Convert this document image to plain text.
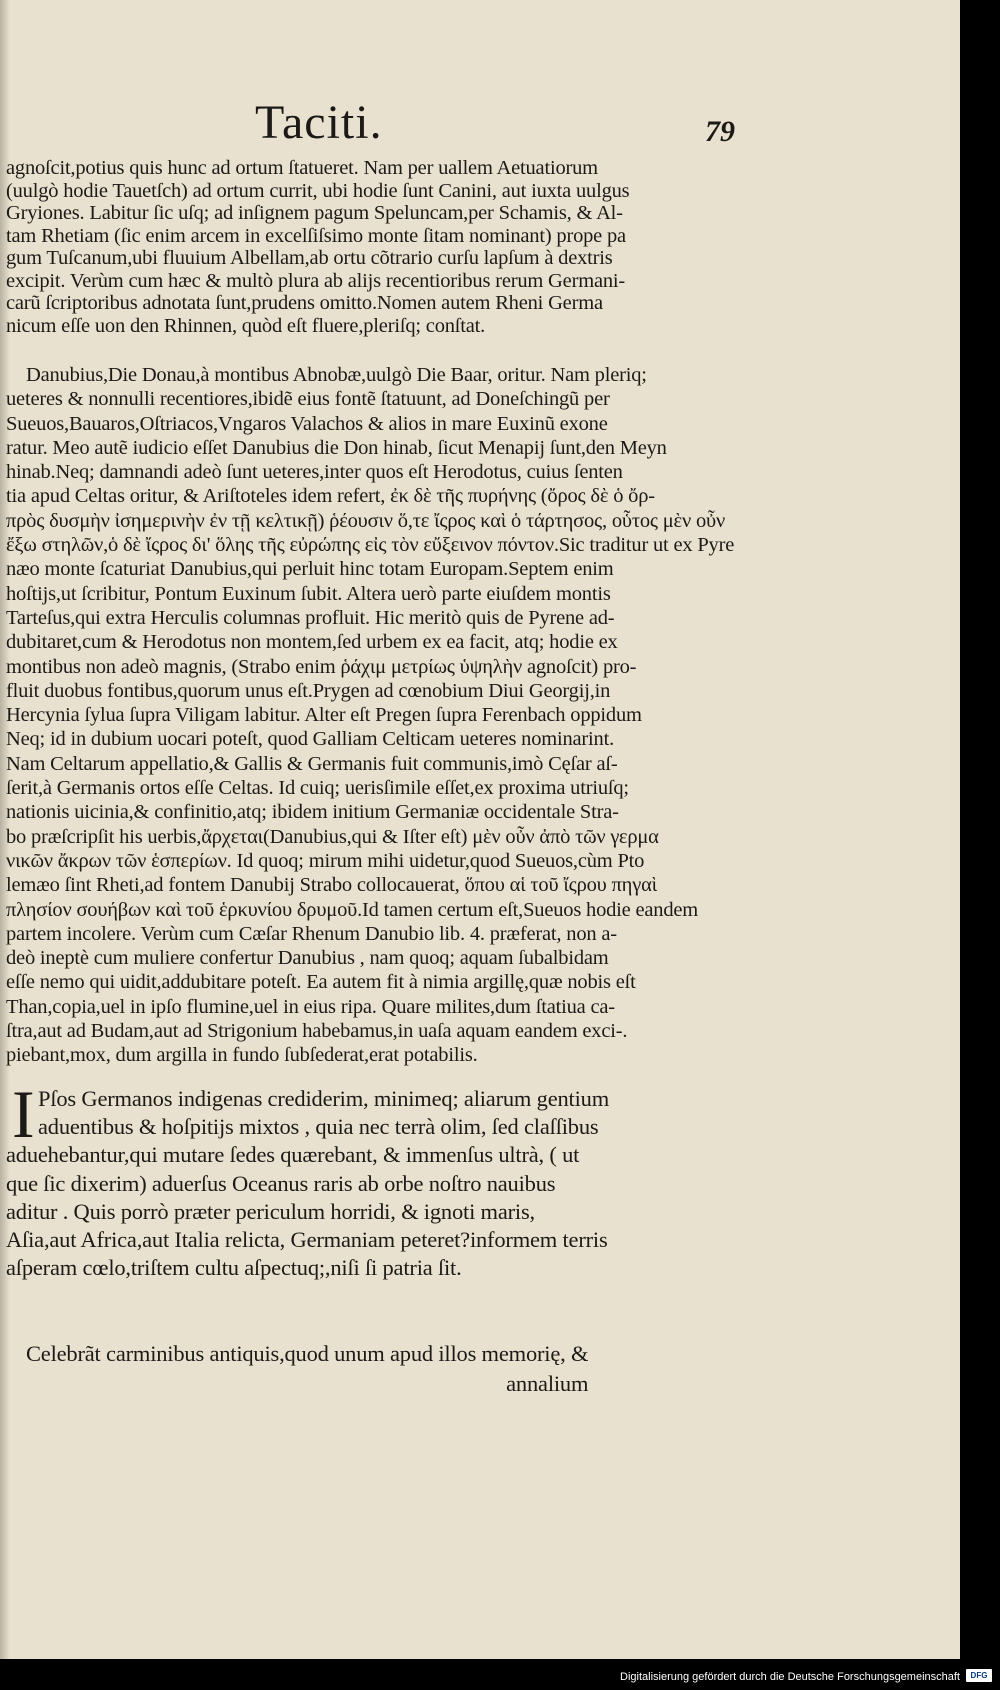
Taciti.	79
agnoſcit,potius quis hunc ad ortum ſtatueret. Nam per uallem Aetuatiorum
(uulgò hodie Tauetſch) ad ortum currit, ubi hodie ſunt Canini, aut iuxta uulgus
Gryiones. Labitur ſic uſq; ad inſignem pagum Speluncam,per Schamis, & Al-
tam Rhetiam (ſic enim arcem in excelſiſsimo monte ſitam nominant) prope pa
gum Tuſcanum,ubi fluuium Albellam,ab ortu cõtrario curſu lapſum à dextris
excipit. Verùm cum hæc & multò plura ab alijs recentioribus rerum Germani-
carũ ſcriptoribus adnotata ſunt,prudens omitto.Nomen autem Rheni Germa
nicum eſſe uon den Rhinnen, quòd eſt fluere,pleriſq; conſtat.
Danubius,Die Donau,à montibus Abnobæ,uulgò Die Baar, oritur. Nam pleriq;
ueteres & nonnulli recentiores,ibidẽ eius fontẽ ſtatuunt, ad Doneſchingũ per
Sueuos,Bauaros,Oſtriacos,Vngaros Valachos & alios in mare Euxinũ exone
ratur. Meo autẽ iudicio eſſet Danubius die Don hinab, ſicut Menapij ſunt,den Meyn
hinab.Neq; damnandi adeò ſunt ueteres,inter quos eſt Herodotus, cuius ſenten
tia apud Celtas oritur, & Ariſtoteles idem refert, ἐκ δὲ τῆς πυρήνης (ὄρος δὲ ὁ ὄρ-
πρὸς δυσμὴν ἰσημερινὴν ἐν τῇ κελτικῇ) ῥέουσιν ὅ,τε ἴςρος καὶ ὁ τάρτησος, οὗτος μὲν οὖν
ἔξω στηλῶν,ὁ δὲ ἴςρος δι' ὅλης τῆς εὐρώπης εἰς τὸν εὔξεινον πόντον.Sic traditur ut ex Pyre
næo monte ſcaturiat Danubius,qui perluit hinc totam Europam.Septem enim
hoſtijs,ut ſcribitur, Pontum Euxinum ſubit. Altera uerò parte eiuſdem montis
Tarteſus,qui extra Herculis columnas profluit. Hic meritò quis de Pyrene ad-
dubitaret,cum & Herodotus non montem,ſed urbem ex ea facit, atq; hodie ex
montibus non adeò magnis, (Strabo enim ῥάχιμ μετρίως ὑψηλὴν agnoſcit) pro-
fluit duobus fontibus,quorum unus eſt.Prygen ad cœnobium Diui Georgij,in
Hercynia ſylua ſupra Viligam labitur. Alter eſt Pregen ſupra Ferenbach oppidum
Neq; id in dubium uocari poteſt, quod Galliam Celticam ueteres nominarint.
Nam Celtarum appellatio,& Gallis & Germanis fuit communis,imò Cęſar aſ-
ſerit,à Germanis ortos eſſe Celtas. Id cuiq; uerisſimile eſſet,ex proxima utriuſq;
nationis uicinia,& confinitio,atq; ibidem initium Germaniæ occidentale Stra-
bo præſcripſit his uerbis,ἄρχεται(Danubius,qui & Iſter eſt) μὲν οὖν ἀπὸ τῶν γερμα
νικῶν ἄκρων τῶν ἑσπερίων. Id quoq; mirum mihi uidetur,quod Sueuos,cùm Pto
lemæo ſint Rheti,ad fontem Danubij Strabo collocauerat, ὅπου αἱ τοῦ ἴςρου πηγαὶ
πλησίον σουήβων καὶ τοῦ ἑρκυνίου δρυμοῦ.Id tamen certum eſt,Sueuos hodie eandem
partem incolere. Verùm cum Cæſar Rhenum Danubio lib. 4. præferat, non a-
deò ineptè cum muliere confertur Danubius , nam quoq; aquam ſubalbidam
eſſe nemo qui uidit,addubitare poteſt. Ea autem fit à nimia argillę,quæ nobis eſt
Than,copia,uel in ipſo flumine,uel in eius ripa. Quare milites,dum ſtatiua ca-
ſtra,aut ad Budam,aut ad Strigonium habebamus,in uaſa aquam eandem exci-.
piebant,mox, dum argilla in fundo ſubſederat,erat potabilis.
I Pſos Germanos indigenas crediderim, minimeq; aliarum gentium
aduentibus & hoſpitijs mixtos , quia nec terrà olim, ſed claſſibus
aduehebantur,qui mutare ſedes quærebant, & immenſus ultrà, ( ut
que ſic dixerim) aduerſus Oceanus raris ab orbe noſtro nauibus
aditur . Quis porrò præter periculum horridi, & ignoti maris,
Aſia,aut Africa,aut Italia relicta, Germaniam peteret?informem terris
aſperam cœlo,triſtem cultu aſpectuq;,niſi ſi patria ſit.
Celebrãt carminibus antiquis,quod unum apud illos memorię, &
annalium
Digitalisierung gefördert durch die Deutsche Forschungsgemeinschaft	DFG
